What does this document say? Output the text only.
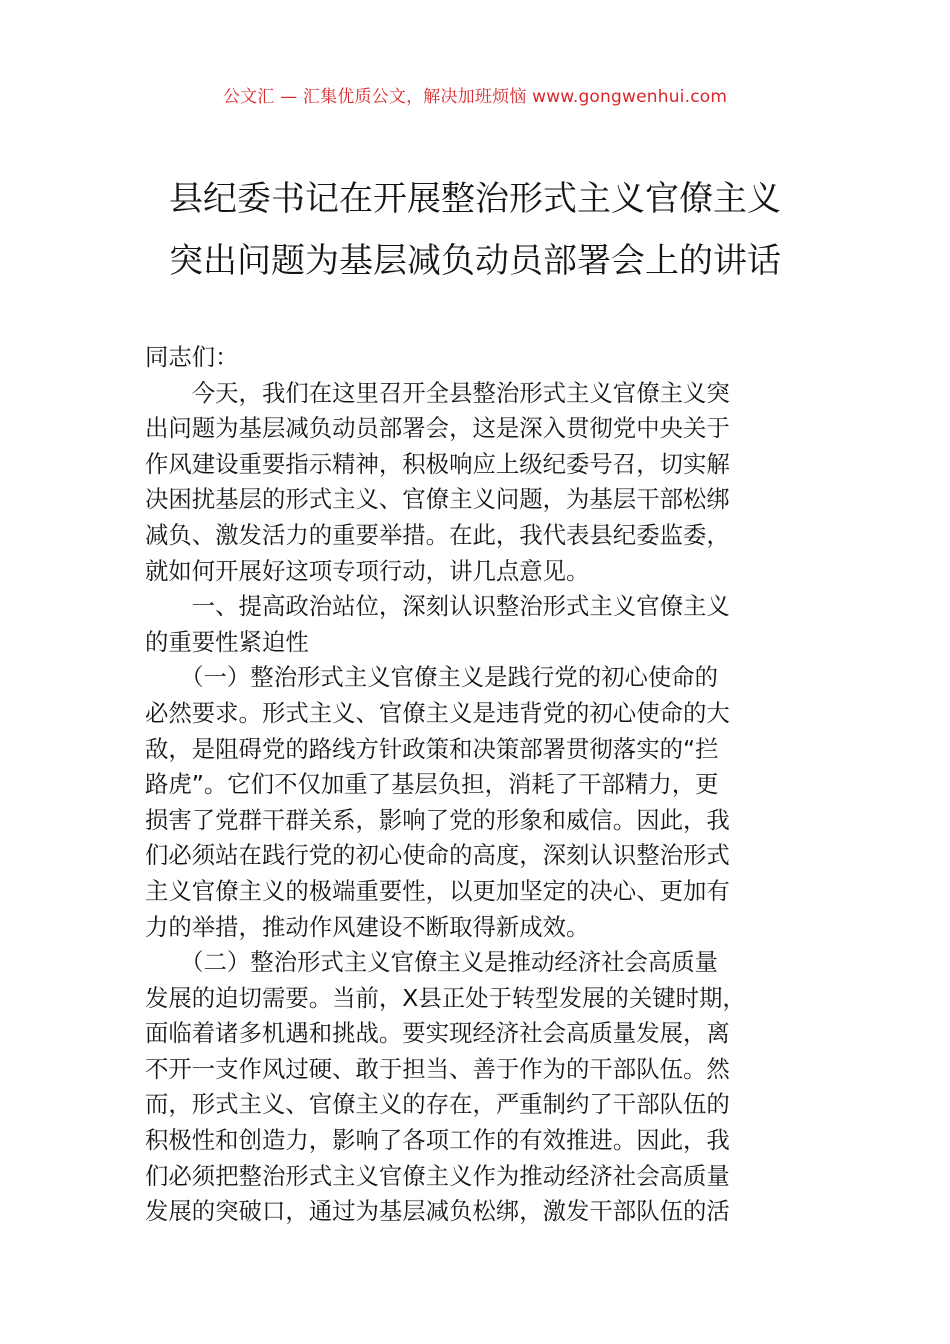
公文汇 — 汇集优质公文，解决加班烦恼 www.gongwenhui.com
县纪委书记在开展整治形式主义官僚主义
突出问题为基层减负动员部署会上的讲话
同志们：
　　今天，我们在这里召开全县整治形式主义官僚主义突
出问题为基层减负动员部署会，这是深入贯彻党中央关于
作风建设重要指示精神，积极响应上级纪委号召，切实解
决困扰基层的形式主义、官僚主义问题，为基层干部松绑
减负、激发活力的重要举措。在此，我代表县纪委监委，
就如何开展好这项专项行动，讲几点意见。
　　一、提高政治站位，深刻认识整治形式主义官僚主义
的重要性紧迫性
　　（一）整治形式主义官僚主义是践行党的初心使命的
必然要求。形式主义、官僚主义是违背党的初心使命的大
敌，是阻碍党的路线方针政策和决策部署贯彻落实的“拦
路虎”。它们不仅加重了基层负担，消耗了干部精力，更
损害了党群干群关系，影响了党的形象和威信。因此，我
们必须站在践行党的初心使命的高度，深刻认识整治形式
主义官僚主义的极端重要性，以更加坚定的决心、更加有
力的举措，推动作风建设不断取得新成效。
　　（二）整治形式主义官僚主义是推动经济社会高质量
发展的迫切需要。当前，X县正处于转型发展的关键时期，
面临着诸多机遇和挑战。要实现经济社会高质量发展，离
不开一支作风过硬、敢于担当、善于作为的干部队伍。然
而，形式主义、官僚主义的存在，严重制约了干部队伍的
积极性和创造力，影响了各项工作的有效推进。因此，我
们必须把整治形式主义官僚主义作为推动经济社会高质量
发展的突破口，通过为基层减负松绑，激发干部队伍的活
